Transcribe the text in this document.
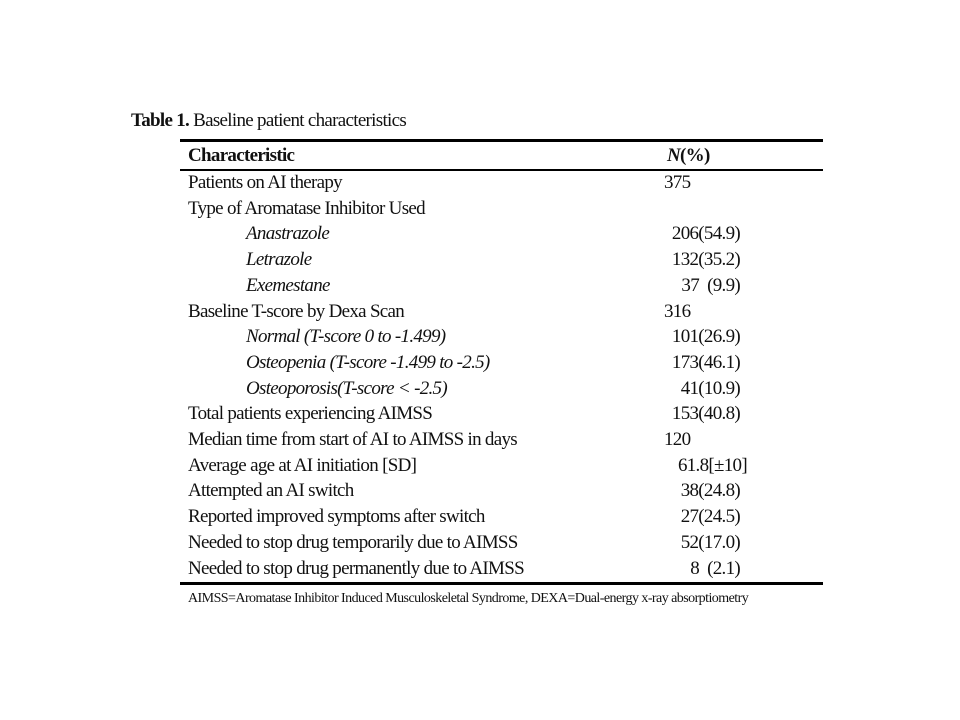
Table 1. Baseline patient characteristics
Characteristic	N(%)
Patients on AI therapy	375
Type of Aromatase Inhibitor Used
Anastrazole	206(54.9)
Letrazole	132(35.2)
Exemestane	37  (9.9)
Baseline T-score by Dexa Scan	316
Normal (T-score 0 to -1.499)	101(26.9)
Osteopenia (T-score -1.499 to -2.5)	173(46.1)
Osteoporosis(T-score < -2.5)	41(10.9)
Total patients experiencing AIMSS	153(40.8)
Median time from start of AI to AIMSS in days	120
Average age at AI initiation [SD]	61.8[±10]
Attempted an AI switch	38(24.8)
Reported improved symptoms after switch	27(24.5)
Needed to stop drug temporarily due to AIMSS	52(17.0)
Needed to stop drug permanently due to AIMSS	8  (2.1)
AIMSS=Aromatase Inhibitor Induced Musculoskeletal Syndrome, DEXA=Dual-energy x-ray absorptiometry
